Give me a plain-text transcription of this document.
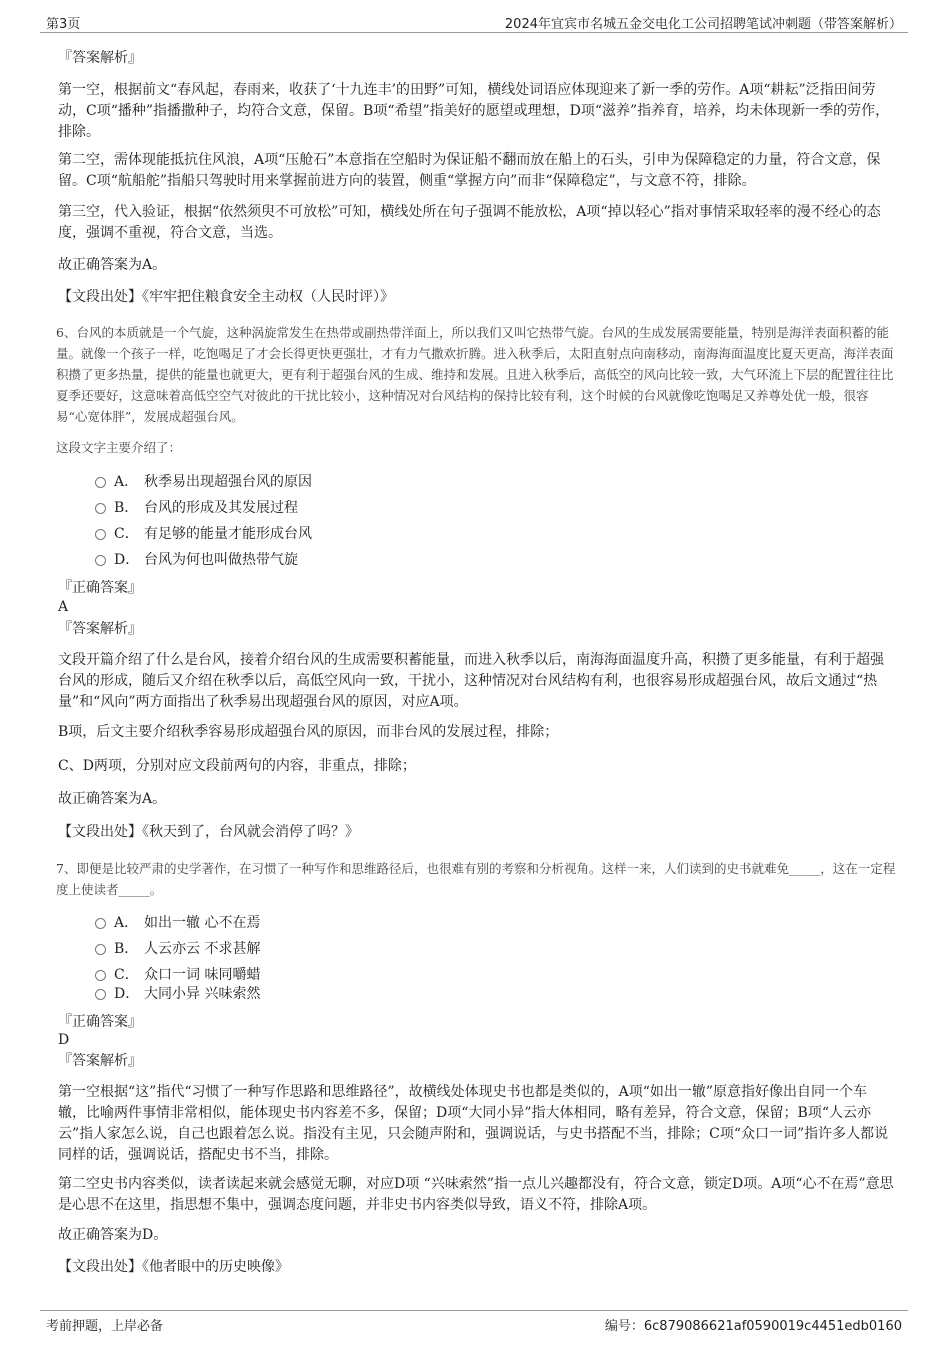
第3页	2024年宜宾市名城五金交电化工公司招聘笔试冲刺题（带答案解析）
『答案解析』
第一空，根据前文“春风起，春雨来，收获了‘十九连丰’的田野”可知，横线处词语应体现迎来了新一季的劳作。A项“耕耘”泛指田间劳动，C项“播种”指播撒种子，均符合文意，保留。B项“希望”指美好的愿望或理想，D项“滋养”指养育，培养，均未体现新一季的劳作，排除。
第二空，需体现能抵抗住风浪，A项“压舱石”本意指在空船时为保证船不翻而放在船上的石头，引申为保障稳定的力量，符合文意，保留。C项“航船舵”指船只驾驶时用来掌握前进方向的装置，侧重“掌握方向”而非“保障稳定”，与文意不符，排除。
第三空，代入验证，根据“依然须臾不可放松”可知，横线处所在句子强调不能放松，A项“掉以轻心”指对事情采取轻率的漫不经心的态度，强调不重视，符合文意，当选。
故正确答案为A。
【文段出处】《牢牢把住粮食安全主动权（人民时评）》
6、台风的本质就是一个气旋，这种涡旋常发生在热带或副热带洋面上，所以我们又叫它热带气旋。台风的生成发展需要能量，特别是海洋表面积蓄的能量。就像一个孩子一样，吃饱喝足了才会长得更快更强壮，才有力气撒欢折腾。进入秋季后，太阳直射点向南移动，南海海面温度比夏天更高，海洋表面积攒了更多热量，提供的能量也就更大，更有利于超强台风的生成、维持和发展。且进入秋季后，高低空的风向比较一致，大气环流上下层的配置往往比夏季还要好，这意味着高低空空气对彼此的干扰比较小，这种情况对台风结构的保持比较有利，这个时候的台风就像吃饱喝足又养尊处优一般，很容易“心宽体胖”，发展成超强台风。
这段文字主要介绍了：
A． 秋季易出现超强台风的原因
B． 台风的形成及其发展过程
C． 有足够的能量才能形成台风
D． 台风为何也叫做热带气旋
『正确答案』
A
『答案解析』
文段开篇介绍了什么是台风，接着介绍台风的生成需要积蓄能量，而进入秋季以后，南海海面温度升高，积攒了更多能量，有利于超强台风的形成，随后又介绍在秋季以后，高低空风向一致，干扰小，这种情况对台风结构有利，也很容易形成超强台风，故后文通过“热量”和“风向”两方面指出了秋季易出现超强台风的原因，对应A项。
B项，后文主要介绍秋季容易形成超强台风的原因，而非台风的发展过程，排除；
C、D两项，分别对应文段前两句的内容，非重点，排除；
故正确答案为A。
【文段出处】《秋天到了，台风就会消停了吗？》
7、即便是比较严肃的史学著作，在习惯了一种写作和思维路径后，也很难有别的考察和分析视角。这样一来，人们读到的史书就难免_____，这在一定程度上使读者_____。
A． 如出一辙 心不在焉
B． 人云亦云 不求甚解
C． 众口一词 味同嚼蜡
D． 大同小异 兴味索然
『正确答案』
D
『答案解析』
第一空根据“这”指代“习惯了一种写作思路和思维路径”，故横线处体现史书也都是类似的，A项“如出一辙”原意指好像出自同一个车辙，比喻两件事情非常相似，能体现史书内容差不多，保留；D项“大同小异”指大体相同，略有差异，符合文意，保留；B项“人云亦云”指人家怎么说，自己也跟着怎么说。指没有主见，只会随声附和，强调说话，与史书搭配不当，排除；C项“众口一词”指许多人都说同样的话，强调说话，搭配史书不当，排除。
第二空史书内容类似，读者读起来就会感觉无聊，对应D项 “兴味索然”指一点儿兴趣都没有，符合文意，锁定D项。A项“心不在焉”意思是心思不在这里，指思想不集中，强调态度问题，并非史书内容类似导致，语义不符，排除A项。
故正确答案为D。
【文段出处】《他者眼中的历史映像》
考前押题，上岸必备	编号：6c879086621af0590019c4451edb0160
